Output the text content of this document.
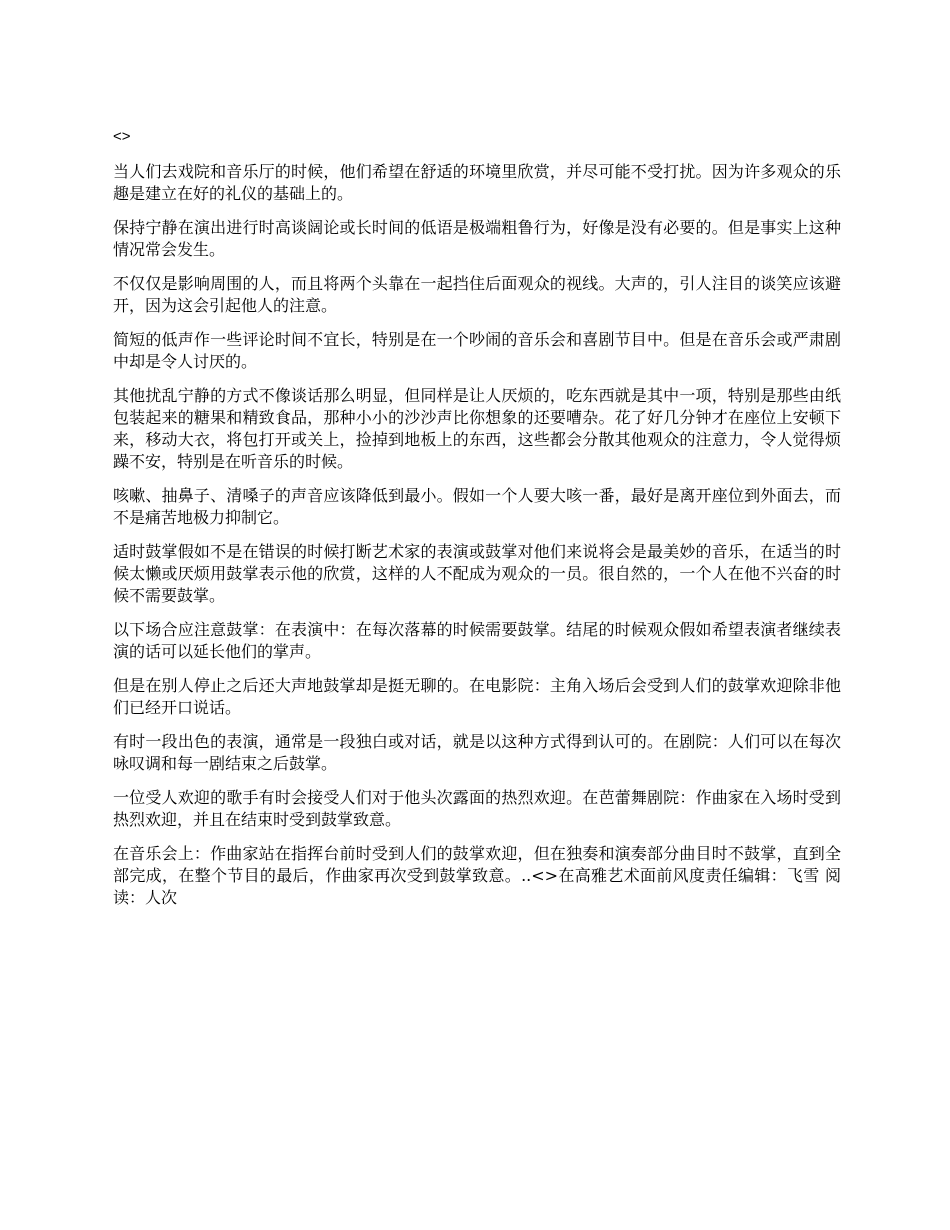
<>

当人们去戏院和音乐厅的时候，他们希望在舒适的环境里欣赏，并尽可能不受打扰。因为许多观众的乐趣是建立在好的礼仪的基础上的。

保持宁静在演出进行时高谈阔论或长时间的低语是极端粗鲁行为，好像是没有必要的。但是事实上这种情况常会发生。

不仅仅是影响周围的人，而且将两个头靠在一起挡住后面观众的视线。大声的，引人注目的谈笑应该避开，因为这会引起他人的注意。

简短的低声作一些评论时间不宜长，特别是在一个吵闹的音乐会和喜剧节目中。但是在音乐会或严肃剧中却是令人讨厌的。

其他扰乱宁静的方式不像谈话那么明显，但同样是让人厌烦的，吃东西就是其中一项，特别是那些由纸包装起来的糖果和精致食品，那种小小的沙沙声比你想象的还要嘈杂。花了好几分钟才在座位上安顿下来，移动大衣，将包打开或关上，捡掉到地板上的东西，这些都会分散其他观众的注意力，令人觉得烦躁不安，特别是在听音乐的时候。

咳嗽、抽鼻子、清嗓子的声音应该降低到最小。假如一个人要大咳一番，最好是离开座位到外面去，而不是痛苦地极力抑制它。

适时鼓掌假如不是在错误的时候打断艺术家的表演或鼓掌对他们来说将会是最美妙的音乐，在适当的时候太懒或厌烦用鼓掌表示他的欣赏，这样的人不配成为观众的一员。很自然的，一个人在他不兴奋的时候不需要鼓掌。

以下场合应注意鼓掌：在表演中：在每次落幕的时候需要鼓掌。结尾的时候观众假如希望表演者继续表演的话可以延长他们的掌声。

但是在别人停止之后还大声地鼓掌却是挺无聊的。在电影院：主角入场后会受到人们的鼓掌欢迎除非他们已经开口说话。

有时一段出色的表演，通常是一段独白或对话，就是以这种方式得到认可的。在剧院：人们可以在每次咏叹调和每一剧结束之后鼓掌。

一位受人欢迎的歌手有时会接受人们对于他头次露面的热烈欢迎。在芭蕾舞剧院：作曲家在入场时受到热烈欢迎，并且在结束时受到鼓掌致意。

在音乐会上：作曲家站在指挥台前时受到人们的鼓掌欢迎，但在独奏和演奏部分曲目时不鼓掌，直到全部完成，在整个节目的最后，作曲家再次受到鼓掌致意。..<>在高雅艺术面前风度责任编辑：飞雪 阅读：人次
